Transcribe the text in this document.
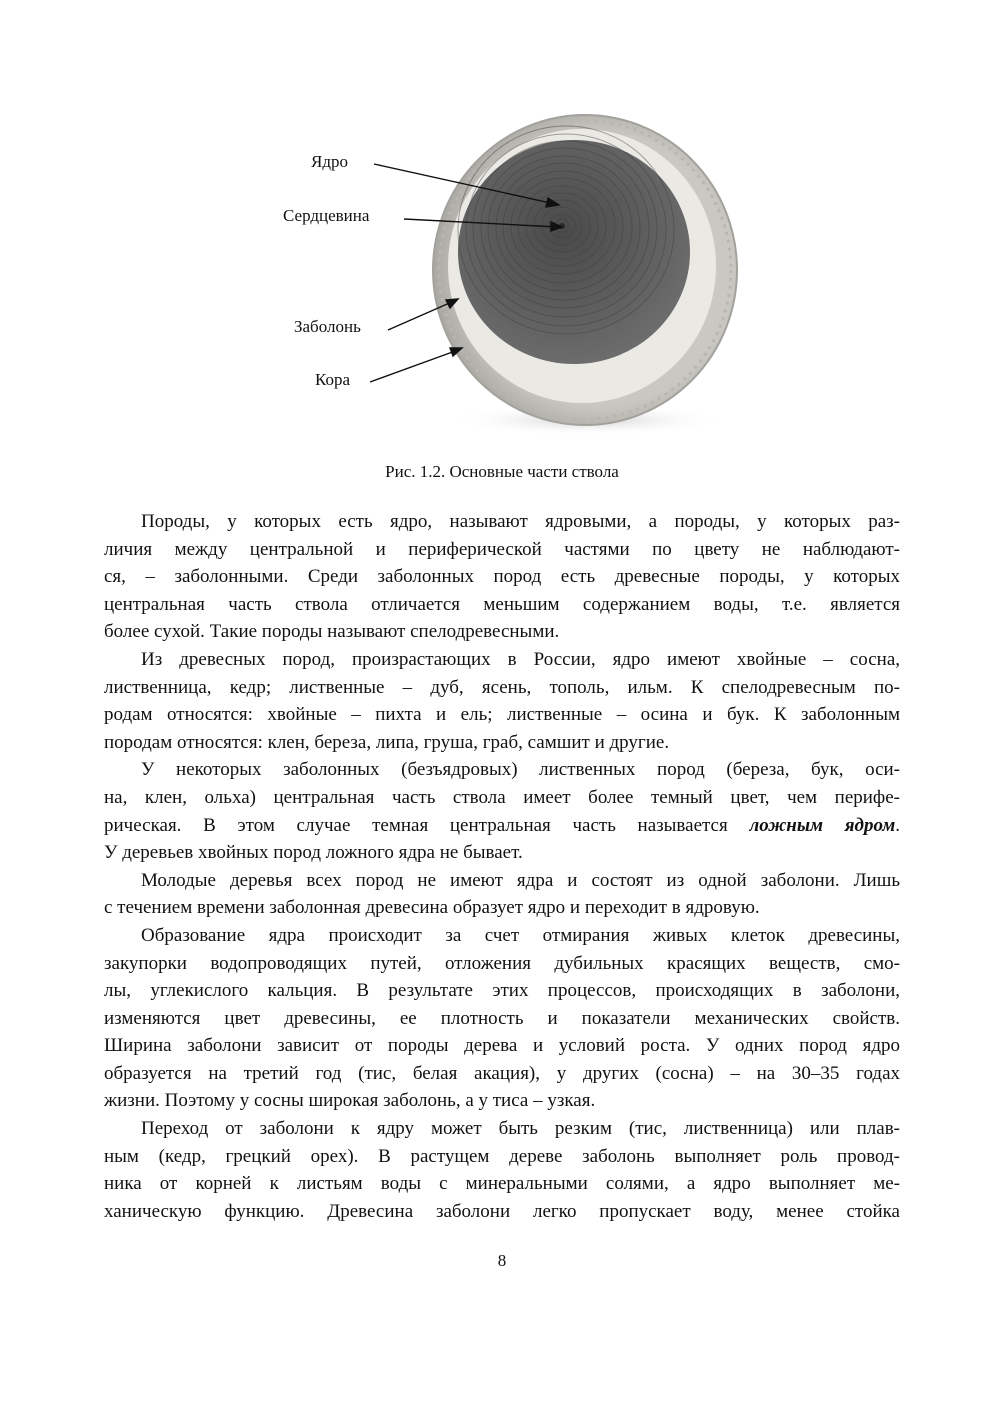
Ядро
Сердцевина
Заболонь
Кора
Рис. 1.2. Основные части ствола
Породы, у которых есть ядро, называют ядровыми, а породы, у которых раз-
личия между центральной и периферической частями по цвету не наблюдают-
ся, – заболонными. Среди заболонных пород есть древесные породы, у которых
центральная часть ствола отличается меньшим содержанием воды, т.е. является
более сухой. Такие породы называют спелодревесными.
Из древесных пород, произрастающих в России, ядро имеют хвойные – сосна,
лиственница, кедр; лиственные – дуб, ясень, тополь, ильм. К спелодревесным по-
родам относятся: хвойные – пихта и ель; лиственные – осина и бук. К заболонным
породам относятся: клен, береза, липа, груша, граб, самшит и другие.
У некоторых заболонных (безъядровых) лиственных пород (береза, бук, оси-
на, клен, ольха) центральная часть ствола имеет более темный цвет, чем перифе-
рическая. В этом случае темная центральная часть называется ложным ядром.
У деревьев хвойных пород ложного ядра не бывает.
Молодые деревья всех пород не имеют ядра и состоят из одной заболони. Лишь
с течением времени заболонная древесина образует ядро и переходит в ядровую.
Образование ядра происходит за счет отмирания живых клеток древесины,
закупорки водопроводящих путей, отложения дубильных красящих веществ, смо-
лы, углекислого кальция. В результате этих процессов, происходящих в заболони,
изменяются цвет древесины, ее плотность и показатели механических свойств.
Ширина заболони зависит от породы дерева и условий роста. У одних пород ядро
образуется на третий год (тис, белая акация), у других (сосна) – на 30–35 годах
жизни. Поэтому у сосны широкая заболонь, а у тиса – узкая.
Переход от заболони к ядру может быть резким (тис, лиственница) или плав-
ным (кедр, грецкий орех). В растущем дереве заболонь выполняет роль провод-
ника от корней к листьям воды с минеральными солями, а ядро выполняет ме-
ханическую функцию. Древесина заболони легко пропускает воду, менее стойка
8
